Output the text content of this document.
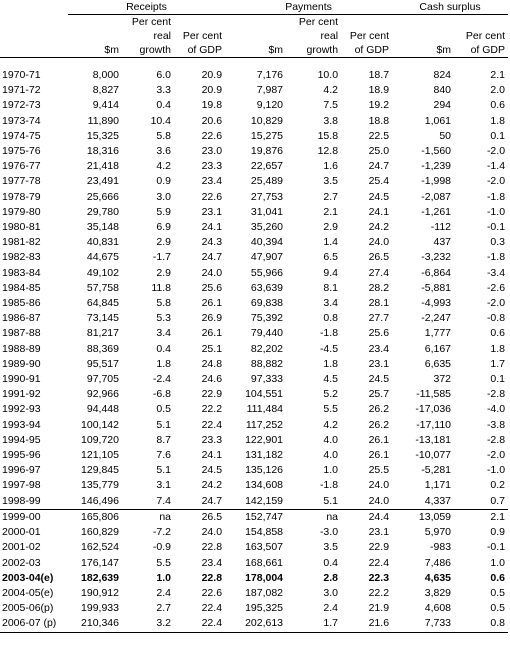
	Receipts			Payments			Cash surplus	
		Per cent			Per cent			
		real	Per cent		real	Per cent		Per cent
	$m	growth	of GDP	$m	growth	of GDP	$m	of GDP

1970-71	8,000	6.0	20.9	7,176	10.0	18.7	824	2.1
1971-72	8,827	3.3	20.9	7,987	4.2	18.9	840	2.0
1972-73	9,414	0.4	19.8	9,120	7.5	19.2	294	0.6
1973-74	11,890	10.4	20.6	10,829	3.8	18.8	1,061	1.8
1974-75	15,325	5.8	22.6	15,275	15.8	22.5	50	0.1
1975-76	18,316	3.6	23.0	19,876	12.8	25.0	-1,560	-2.0
1976-77	21,418	4.2	23.3	22,657	1.6	24.7	-1,239	-1.4
1977-78	23,491	0.9	23.4	25,489	3.5	25.4	-1,998	-2.0
1978-79	25,666	3.0	22.6	27,753	2.7	24.5	-2,087	-1.8
1979-80	29,780	5.9	23.1	31,041	2.1	24.1	-1,261	-1.0
1980-81	35,148	6.9	24.1	35,260	2.9	24.2	-112	-0.1
1981-82	40,831	2.9	24.3	40,394	1.4	24.0	437	0.3
1982-83	44,675	-1.7	24.7	47,907	6.5	26.5	-3,232	-1.8
1983-84	49,102	2.9	24.0	55,966	9.4	27.4	-6,864	-3.4
1984-85	57,758	11.8	25.6	63,639	8.1	28.2	-5,881	-2.6
1985-86	64,845	5.8	26.1	69,838	3.4	28.1	-4,993	-2.0
1986-87	73,145	5.3	26.9	75,392	0.8	27.7	-2,247	-0.8
1987-88	81,217	3.4	26.1	79,440	-1.8	25.6	1,777	0.6
1988-89	88,369	0.4	25.1	82,202	-4.5	23.4	6,167	1.8
1989-90	95,517	1.8	24.8	88,882	1.8	23.1	6,635	1.7
1990-91	97,705	-2.4	24.6	97,333	4.5	24.5	372	0.1
1991-92	92,966	-6.8	22.9	104,551	5.2	25.7	-11,585	-2.8
1992-93	94,448	0.5	22.2	111,484	5.5	26.2	-17,036	-4.0
1993-94	100,142	5.1	22.4	117,252	4.2	26.2	-17,110	-3.8
1994-95	109,720	8.7	23.3	122,901	4.0	26.1	-13,181	-2.8
1995-96	121,105	7.6	24.1	131,182	4.0	26.1	-10,077	-2.0
1996-97	129,845	5.1	24.5	135,126	1.0	25.5	-5,281	-1.0
1997-98	135,779	3.1	24.2	134,608	-1.8	24.0	1,171	0.2
1998-99	146,496	7.4	24.7	142,159	5.1	24.0	4,337	0.7
1999-00	165,806	na	26.5	152,747	na	24.4	13,059	2.1
2000-01	160,829	-7.2	24.0	154,858	-3.0	23.1	5,970	0.9
2001-02	162,524	-0.9	22.8	163,507	3.5	22.9	-983	-0.1
2002-03	176,147	5.5	23.4	168,661	0.4	22.4	7,486	1.0
2003-04(e)	182,639	1.0	22.8	178,004	2.8	22.3	4,635	0.6
2004-05(e)	190,912	2.4	22.6	187,082	3.0	22.2	3,829	0.5
2005-06(p)	199,933	2.7	22.4	195,325	2.4	21.9	4,608	0.5
2006-07 (p)	210,346	3.2	22.4	202,613	1.7	21.6	7,733	0.8
